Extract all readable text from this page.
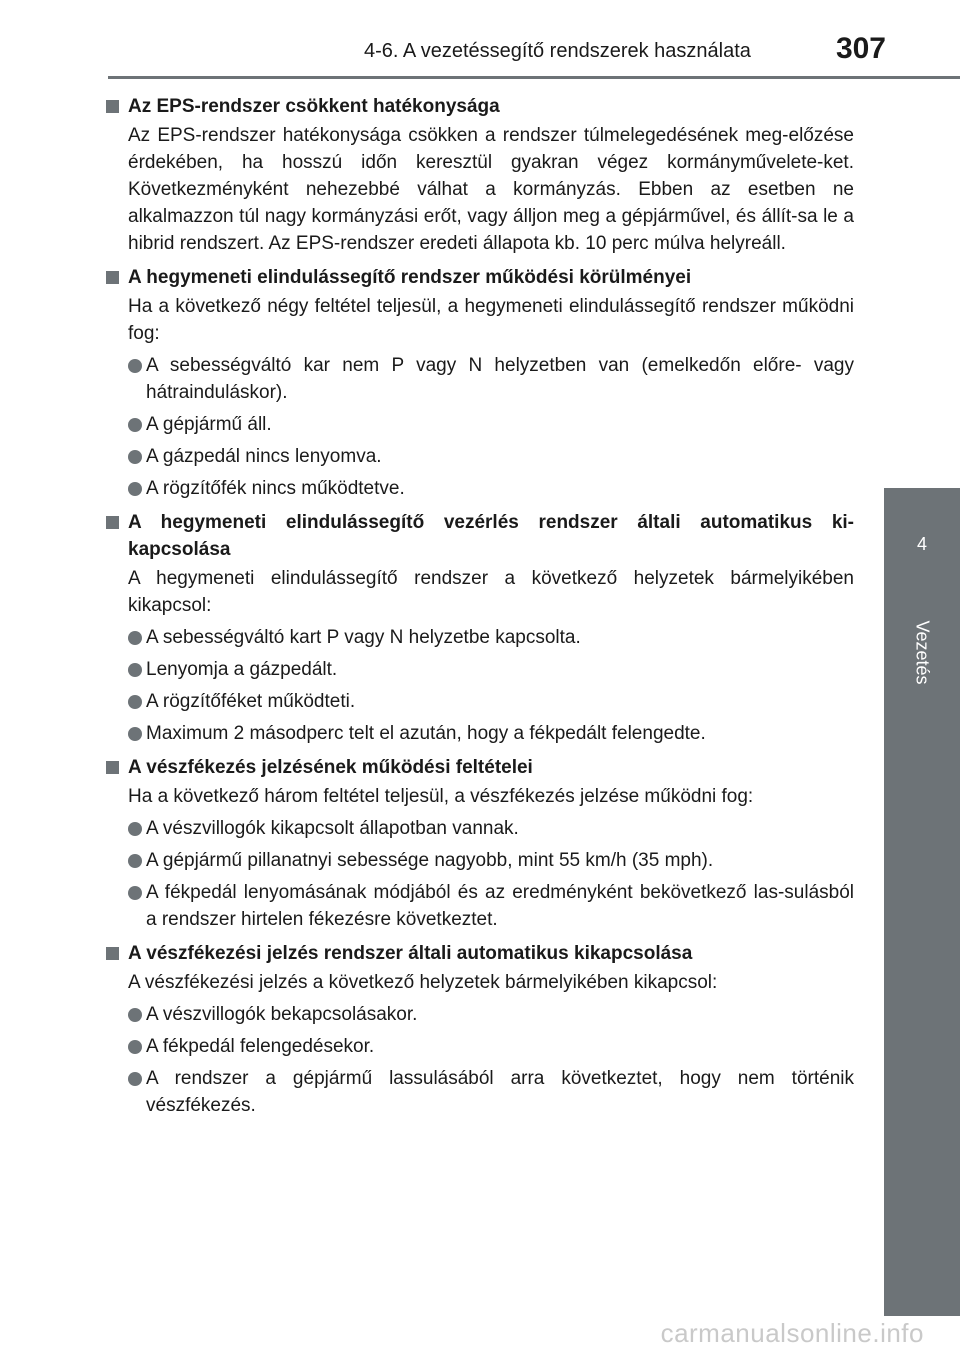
4-6. A vezetéssegítő rendszerek használata	307
4
Vezetés
Az EPS-rendszer csökkent hatékonysága
Az EPS-rendszer hatékonysága csökken a rendszer túlmelegedésének meg-előzése érdekében, ha hosszú időn keresztül gyakran végez kormányművelete-ket. Következményként nehezebbé válhat a kormányzás. Ebben az esetben ne alkalmazzon túl nagy kormányzási erőt, vagy álljon meg a gépjárművel, és állít-sa le a hibrid rendszert. Az EPS-rendszer eredeti állapota kb. 10 perc múlva helyreáll.
A hegymeneti elindulássegítő rendszer működési körülményei
Ha a következő négy feltétel teljesül, a hegymeneti elindulássegítő rendszer működni fog:
A sebességváltó kar nem P vagy N helyzetben van (emelkedőn előre- vagy hátrainduláskor).
A gépjármű áll.
A gázpedál nincs lenyomva.
A rögzítőfék nincs működtetve.
A hegymeneti elindulássegítő vezérlés rendszer általi automatikus ki-kapcsolása
A hegymeneti elindulássegítő rendszer a következő helyzetek bármelyikében kikapcsol:
A sebességváltó kart P vagy N helyzetbe kapcsolta.
Lenyomja a gázpedált.
A rögzítőféket működteti.
Maximum 2 másodperc telt el azután, hogy a fékpedált felengedte.
A vészfékezés jelzésének működési feltételei
Ha a következő három feltétel teljesül, a vészfékezés jelzése működni fog:
A vészvillogók kikapcsolt állapotban vannak.
A gépjármű pillanatnyi sebessége nagyobb, mint 55 km/h (35 mph).
A fékpedál lenyomásának módjából és az eredményként bekövetkező las-sulásból a rendszer hirtelen fékezésre következtet.
A vészfékezési jelzés rendszer általi automatikus kikapcsolása
A vészfékezési jelzés a következő helyzetek bármelyikében kikapcsol:
A vészvillogók bekapcsolásakor.
A fékpedál felengedésekor.
A rendszer a gépjármű lassulásából arra következtet, hogy nem történik vészfékezés.
carmanualsonline.info
